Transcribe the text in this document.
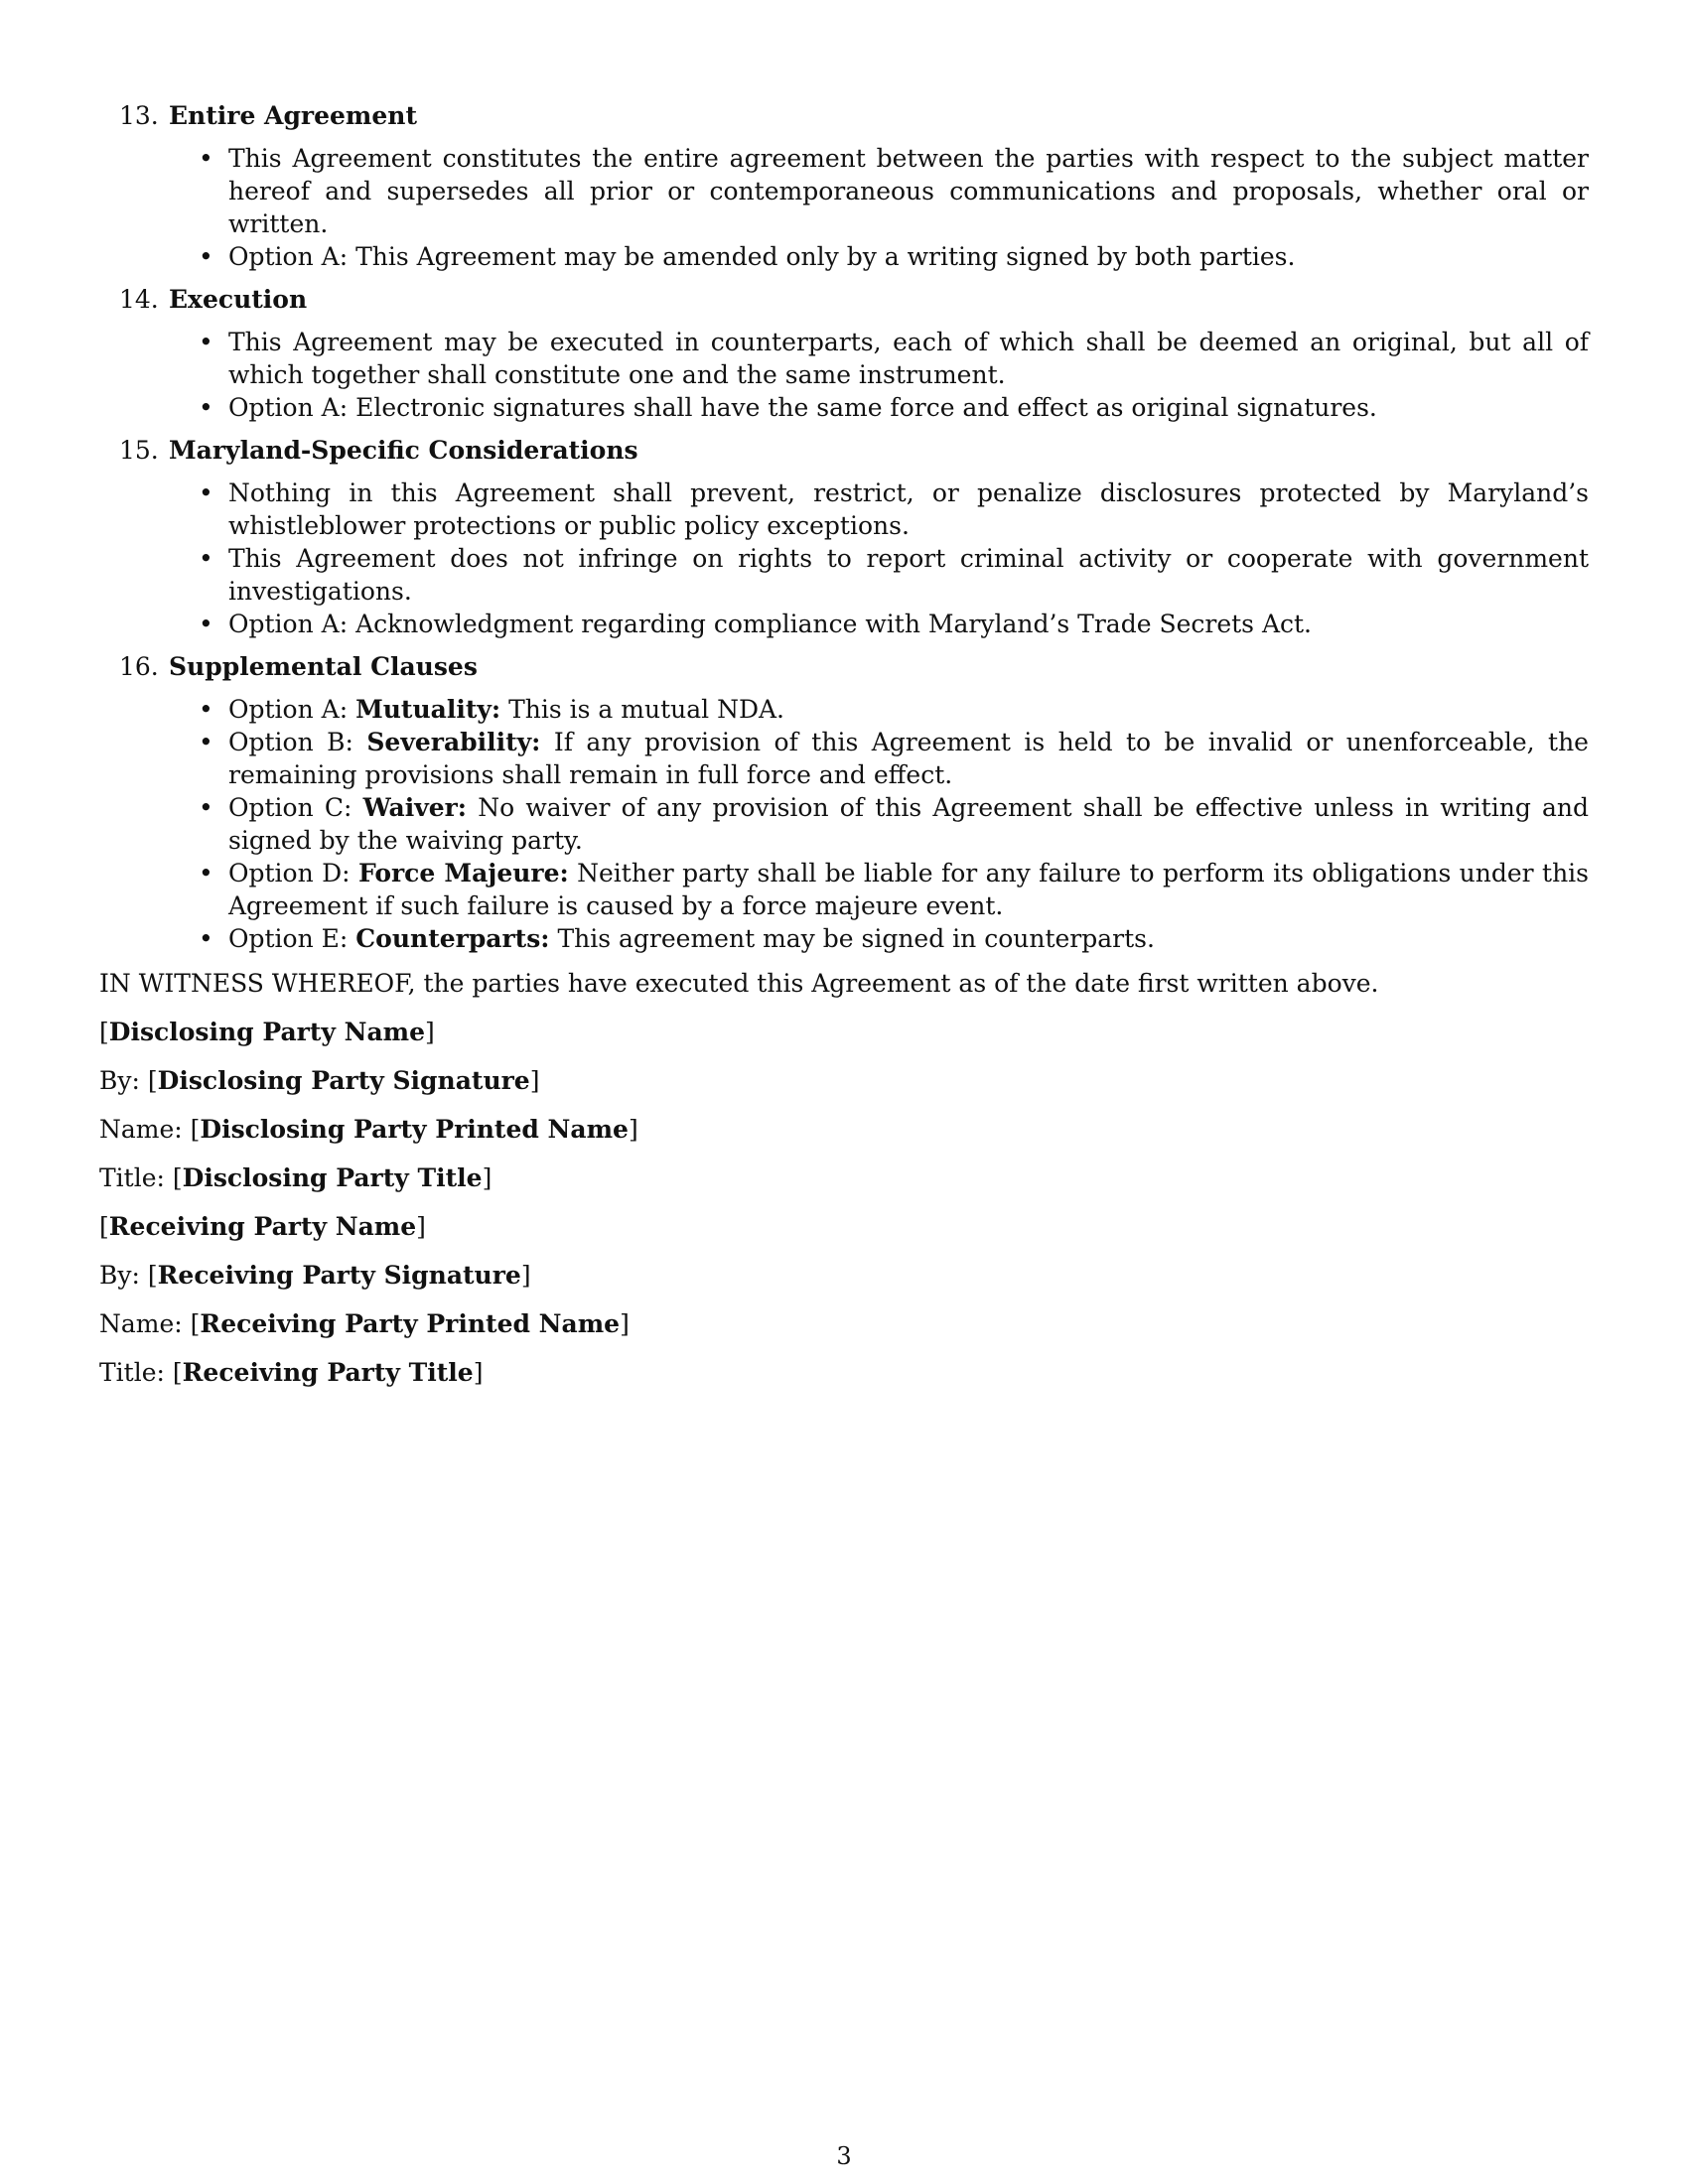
13. Entire Agreement
• This Agreement constitutes the entire agreement between the parties with respect to the subject matter hereof and supersedes all prior or contemporaneous communications and proposals, whether oral or written.
• Option A: This Agreement may be amended only by a writing signed by both parties.
14. Execution
• This Agreement may be executed in counterparts, each of which shall be deemed an original, but all of which together shall constitute one and the same instrument.
• Option A: Electronic signatures shall have the same force and effect as original signatures.
15. Maryland-Specific Considerations
• Nothing in this Agreement shall prevent, restrict, or penalize disclosures protected by Maryland’s whistleblower protections or public policy exceptions.
• This Agreement does not infringe on rights to report criminal activity or cooperate with government investigations.
• Option A: Acknowledgment regarding compliance with Maryland’s Trade Secrets Act.
16. Supplemental Clauses
• Option A: Mutuality: This is a mutual NDA.
• Option B: Severability: If any provision of this Agreement is held to be invalid or unenforceable, the remaining provisions shall remain in full force and effect.
• Option C: Waiver: No waiver of any provision of this Agreement shall be effective unless in writing and signed by the waiving party.
• Option D: Force Majeure: Neither party shall be liable for any failure to perform its obligations under this Agreement if such failure is caused by a force majeure event.
• Option E: Counterparts: This agreement may be signed in counterparts.

IN WITNESS WHEREOF, the parties have executed this Agreement as of the date first written above.

[Disclosing Party Name]
By: [Disclosing Party Signature]
Name: [Disclosing Party Printed Name]
Title: [Disclosing Party Title]
[Receiving Party Name]
By: [Receiving Party Signature]
Name: [Receiving Party Printed Name]
Title: [Receiving Party Title]
3
